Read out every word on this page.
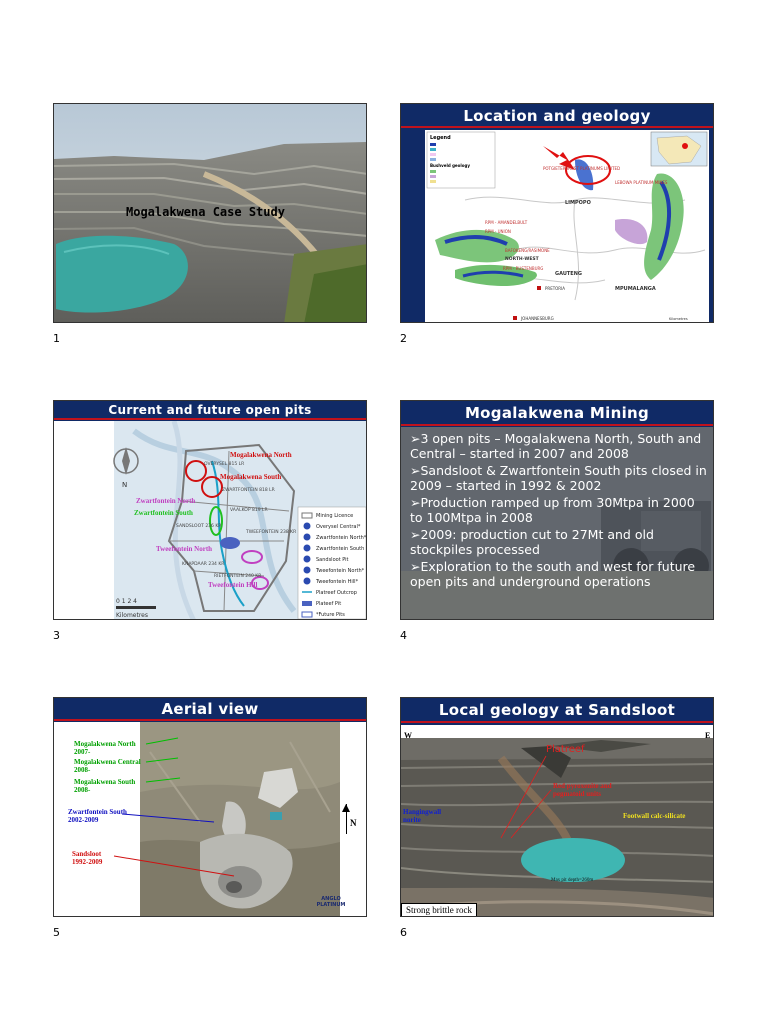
Mogalakwena Case Study
1
Location and geology
Legend
Bushveld geology
POTGIETERSRUST PLATINUMS LIMITED
LEBOWA PLATINUM MINES
LIMPOPO
RPM - AMANDELBULT
RPM - UNION
BAFOKENG/RASIMONE
NORTH-WEST
RPM - RUSTENBURG
GAUTENG
PRETORIA	MPUMALANGA
JOHANNESBURG	Kilometres
2
Current and future open pits
N
Mogalakwena North
Mogalakwena South
Zwartfontein North
Zwartfontein South
Tweefontein North
Tweefontein Hill
OVERYSEL 815 LR
ZWARTFONTEIN 818 LR
VAALKOP 819 LR
SANDSLOOT 236 KR
TWEEFONTEIN 238 KR
KNAPDAAR 234 KR
RIETFONTEIN 240 KR
0 1 2 4
Kilometres
Mining Licence
Overysel Central*
Zwartfontein North*
Zwartfontein South
Sandsloot Pit
Tweefontein North*
Tweefontein Hill*
Platreef Outcrop
Plateef Pit
*Future Pits
3
Mogalakwena Mining
➢3 open pits – Mogalakwena North, South and Central – started in 2007 and 2008
➢Sandsloot & Zwartfontein South pits closed in 2009 – started in 1992 & 2002
➢Production ramped up from 30Mtpa in 2000 to 100Mtpa in 2008
➢2009: production cut to 27Mt and old stockpiles processed
➢Exploration to the south and west for future open pits and underground operations
4
Aerial view
Mogalakwena North
2007-
Mogalakwena Central
2008-
Mogalakwena South
2008-
Zwartfontein South
2002-2009
Sandsloot
1992-2009
N
ANGLO PLATINUM
5
Local geology at Sandsloot
W	E
Platreef
Red pyroxenite and pegmatoid units
Hangingwall norite	Footwall calc-silicate
Max pit depth=260m
Strong brittle rock
6
